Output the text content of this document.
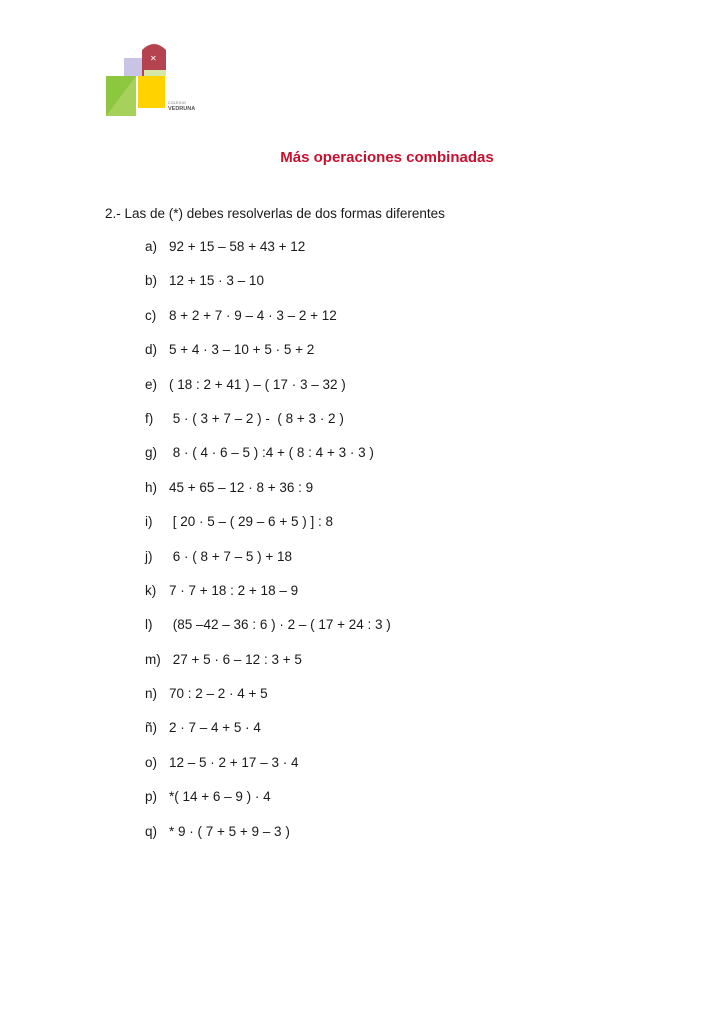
✕
COLEGIO
VEDRUNA
Más operaciones combinadas
2.- Las de (*) debes resolverlas de dos formas diferentes
a) 92 + 15 – 58 + 43 + 12
b) 12 + 15 · 3 – 10
c) 8 + 2 + 7 · 9 – 4 · 3 – 2 + 12
d) 5 + 4 · 3 – 10 + 5 · 5 + 2
e) ( 18 : 2 + 41 ) – ( 17 · 3 – 32 )
f) 5 · ( 3 + 7 – 2 ) -  ( 8 + 3 · 2 )
g) 8 · ( 4 · 6 – 5 ) :4 + ( 8 : 4 + 3 · 3 )
h) 45 + 65 – 12 · 8 + 36 : 9
i) [ 20 · 5 – ( 29 – 6 + 5 ) ] : 8
j) 6 · ( 8 + 7 – 5 ) + 18
k) 7 · 7 + 18 : 2 + 18 – 9
l) (85 –42 – 36 : 6 ) · 2 – ( 17 + 24 : 3 )
m) 27 + 5 · 6 – 12 : 3 + 5
n) 70 : 2 – 2 · 4 + 5
ñ) 2 · 7 – 4 + 5 · 4
o) 12 – 5 · 2 + 17 – 3 · 4
p) *( 14 + 6 – 9 ) · 4
q) * 9 · ( 7 + 5 + 9 – 3 )
